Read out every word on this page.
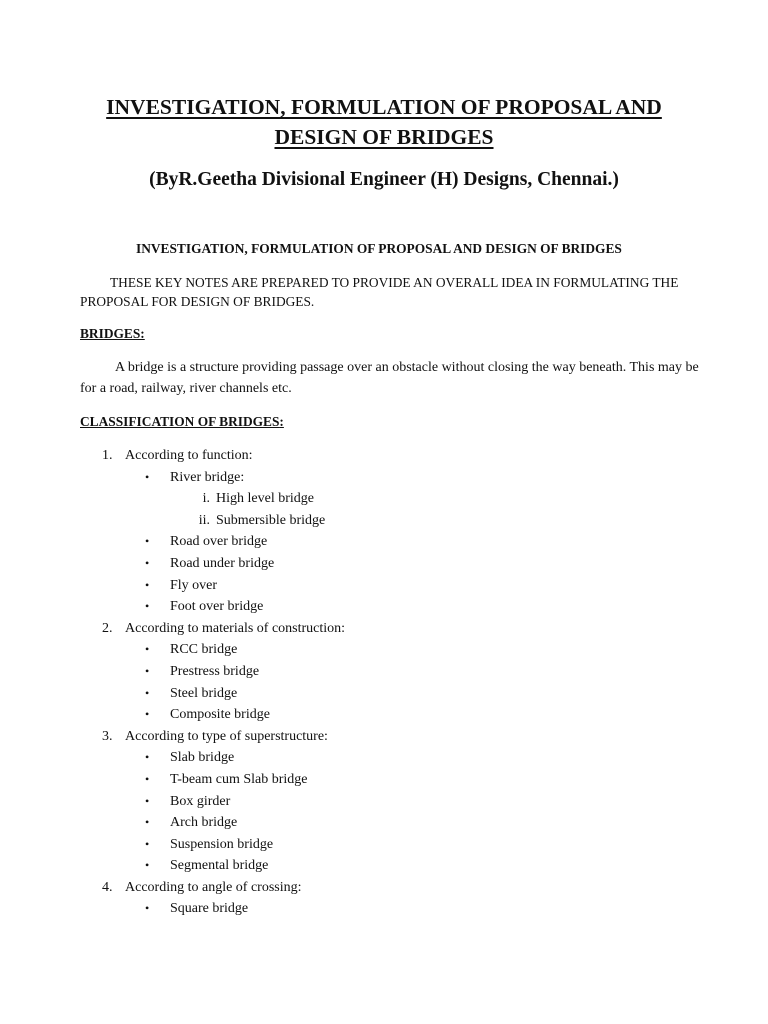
INVESTIGATION, FORMULATION OF PROPOSAL AND
DESIGN OF BRIDGES

(ByR.Geetha Divisional Engineer (H) Designs, Chennai.)

INVESTIGATION, FORMULATION OF PROPOSAL AND DESIGN OF BRIDGES

THESE KEY NOTES ARE PREPARED TO PROVIDE AN OVERALL IDEA IN FORMULATING THE PROPOSAL FOR DESIGN OF BRIDGES.

BRIDGES:

A bridge is a structure providing passage over an obstacle without closing the way beneath. This may be for a road, railway, river channels etc.

CLASSIFICATION OF BRIDGES:

1. According to function:
• River bridge:
i. High level bridge
ii. Submersible bridge
• Road over bridge
• Road under bridge
• Fly over
• Foot over bridge
2. According to materials of construction:
• RCC bridge
• Prestress bridge
• Steel bridge
• Composite bridge
3. According to type of superstructure:
• Slab bridge
• T-beam cum Slab bridge
• Box girder
• Arch bridge
• Suspension bridge
• Segmental bridge
4. According to angle of crossing:
• Square bridge
